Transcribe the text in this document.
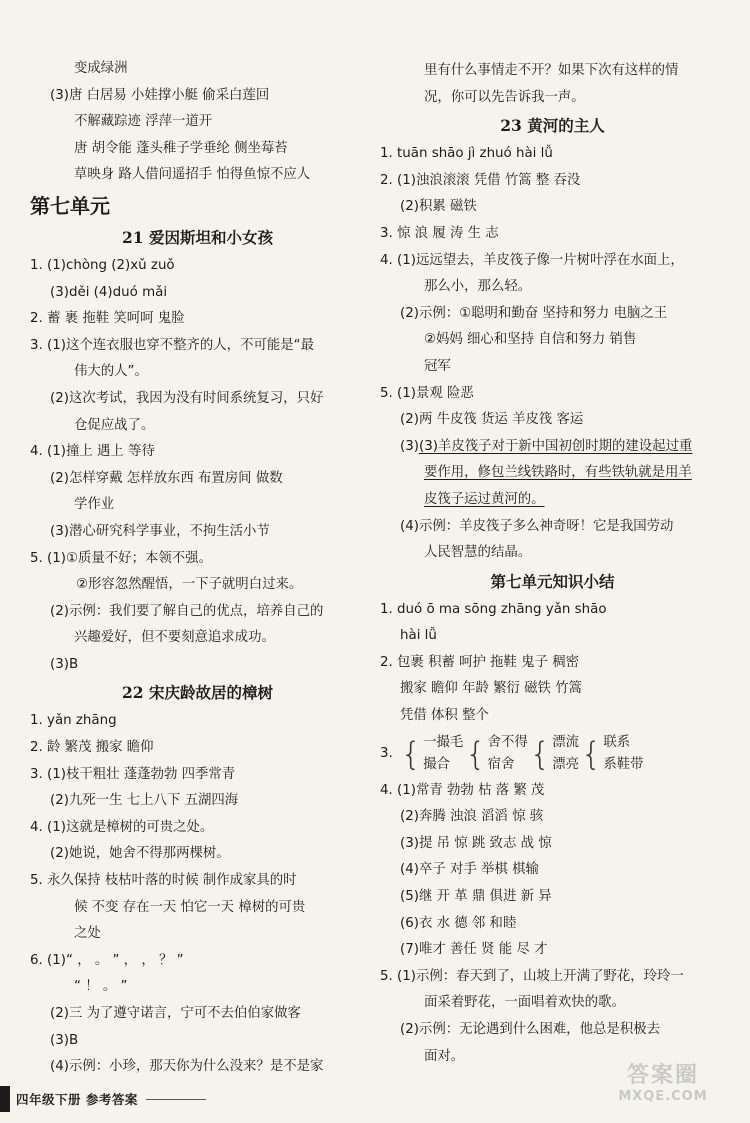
变成绿洲
(3)唐 白居易 小娃撑小艇 偷采白莲回
不解藏踪迹 浮萍一道开
唐 胡令能 蓬头稚子学垂纶 侧坐莓苔
草映身 路人借问遥招手 怕得鱼惊不应人
第七单元
21 爱因斯坦和小女孩
1. (1)chòng (2)xǔ zuǒ
(3)děi (4)duó mǎi
2. 蓄 裹 拖鞋 笑呵呵 鬼脸
3. (1)这个连衣服也穿不整齐的人，不可能是“最
伟大的人”。
(2)这次考试，我因为没有时间系统复习，只好
仓促应战了。
4. (1)撞上 遇上 等待
(2)怎样穿戴 怎样放东西 布置房间 做数
学作业
(3)潜心研究科学事业，不拘生活小节
5. (1)①质量不好；本领不强。
②形容忽然醒悟，一下子就明白过来。
(2)示例：我们要了解自己的优点，培养自己的
兴趣爱好，但不要刻意追求成功。
(3)B
22 宋庆龄故居的樟树
1. yǎn zhāng
2. 龄 繁茂 搬家 瞻仰
3. (1)枝干粗壮 蓬蓬勃勃 四季常青
(2)九死一生 七上八下 五湖四海
4. (1)这就是樟树的可贵之处。
(2)她说，她舍不得那两棵树。
5. 永久保持 枝枯叶落的时候 制作成家具的时
候 不变 存在一天 怕它一天 樟树的可贵
之处
6. (1)“ ， 。 ” ， ， ？ ”
“ ！ 。 ”
(2)三 为了遵守诺言，宁可不去伯伯家做客
(3)B
(4)示例：小珍，那天你为什么没来？是不是家
里有什么事情走不开？如果下次有这样的情
况，你可以先告诉我一声。
23 黄河的主人
1. tuān shāo jì zhuó hài lǚ
2. (1)浊浪滚滚 凭借 竹篙 整 吞没
(2)积累 磁铁
3. 惊 浪 履 涛 生 志
4. (1)远远望去，羊皮筏子像一片树叶浮在水面上，
那么小，那么轻。
(2)示例：①聪明和勤奋 坚持和努力 电脑之王
②妈妈 细心和坚持 自信和努力 销售
冠军
5. (1)景观 险恶
(2)两 牛皮筏 货运 羊皮筏 客运
(3)(3)羊皮筏子对于新中国初创时期的建设起过重
要作用，修包兰线铁路时，有些铁轨就是用羊
皮筏子运过黄河的。
(4)示例：羊皮筏子多么神奇呀！它是我国劳动
人民智慧的结晶。
第七单元知识小结
1. duó ō ma sōng zhāng yǎn shāo
hài lǚ
2. 包裹 积蓄 呵护 拖鞋 鬼子 稠密
搬家 瞻仰 年龄 繁衍 磁铁 竹篙
凭借 体积 整个
3. { 一撮毛
撮合 { 舍不得
宿舍 { 漂流
漂亮 { 联系
系鞋带
4. (1)常青 勃勃 枯 落 繁 茂
(2)奔腾 浊浪 滔滔 惊 骇
(3)提 吊 惊 跳 致志 战 惊
(4)卒子 对手 举棋 棋输
(5)继 开 革 鼎 俱进 新 异
(6)衣 水 德 邻 和睦
(7)唯才 善任 贤 能 尽 才
5. (1)示例：春天到了，山坡上开满了野花，玲玲一
面采着野花，一面唱着欢快的歌。
(2)示例：无论遇到什么困难，他总是积极去
面对。
四年级下册 参考答案
答案圈
MXQE.COM
